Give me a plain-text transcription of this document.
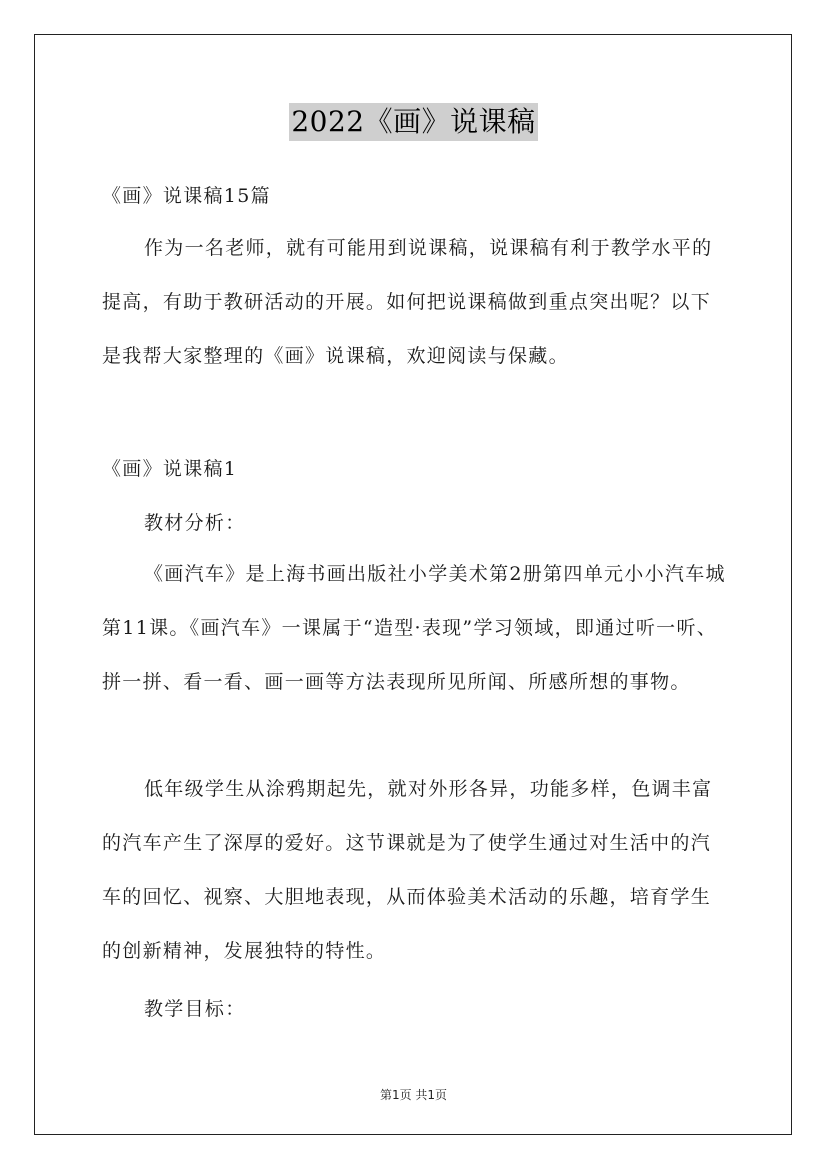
2022《画》说课稿
《画》说课稿15篇
作为一名老师，就有可能用到说课稿，说课稿有利于教学水平的提高，有助于教研活动的开展。如何把说课稿做到重点突出呢？以下是我帮大家整理的《画》说课稿，欢迎阅读与保藏。
《画》说课稿1
教材分析：
《画汽车》是上海书画出版社小学美术第2册第四单元小小汽车城第11课。《画汽车》一课属于“造型·表现”学习领域，即通过听一听、拼一拼、看一看、画一画等方法表现所见所闻、所感所想的事物。
低年级学生从涂鸦期起先，就对外形各异，功能多样，色调丰富的汽车产生了深厚的爱好。这节课就是为了使学生通过对生活中的汽车的回忆、视察、大胆地表现，从而体验美术活动的乐趣，培育学生的创新精神，发展独特的特性。
教学目标：
第1页 共1页
